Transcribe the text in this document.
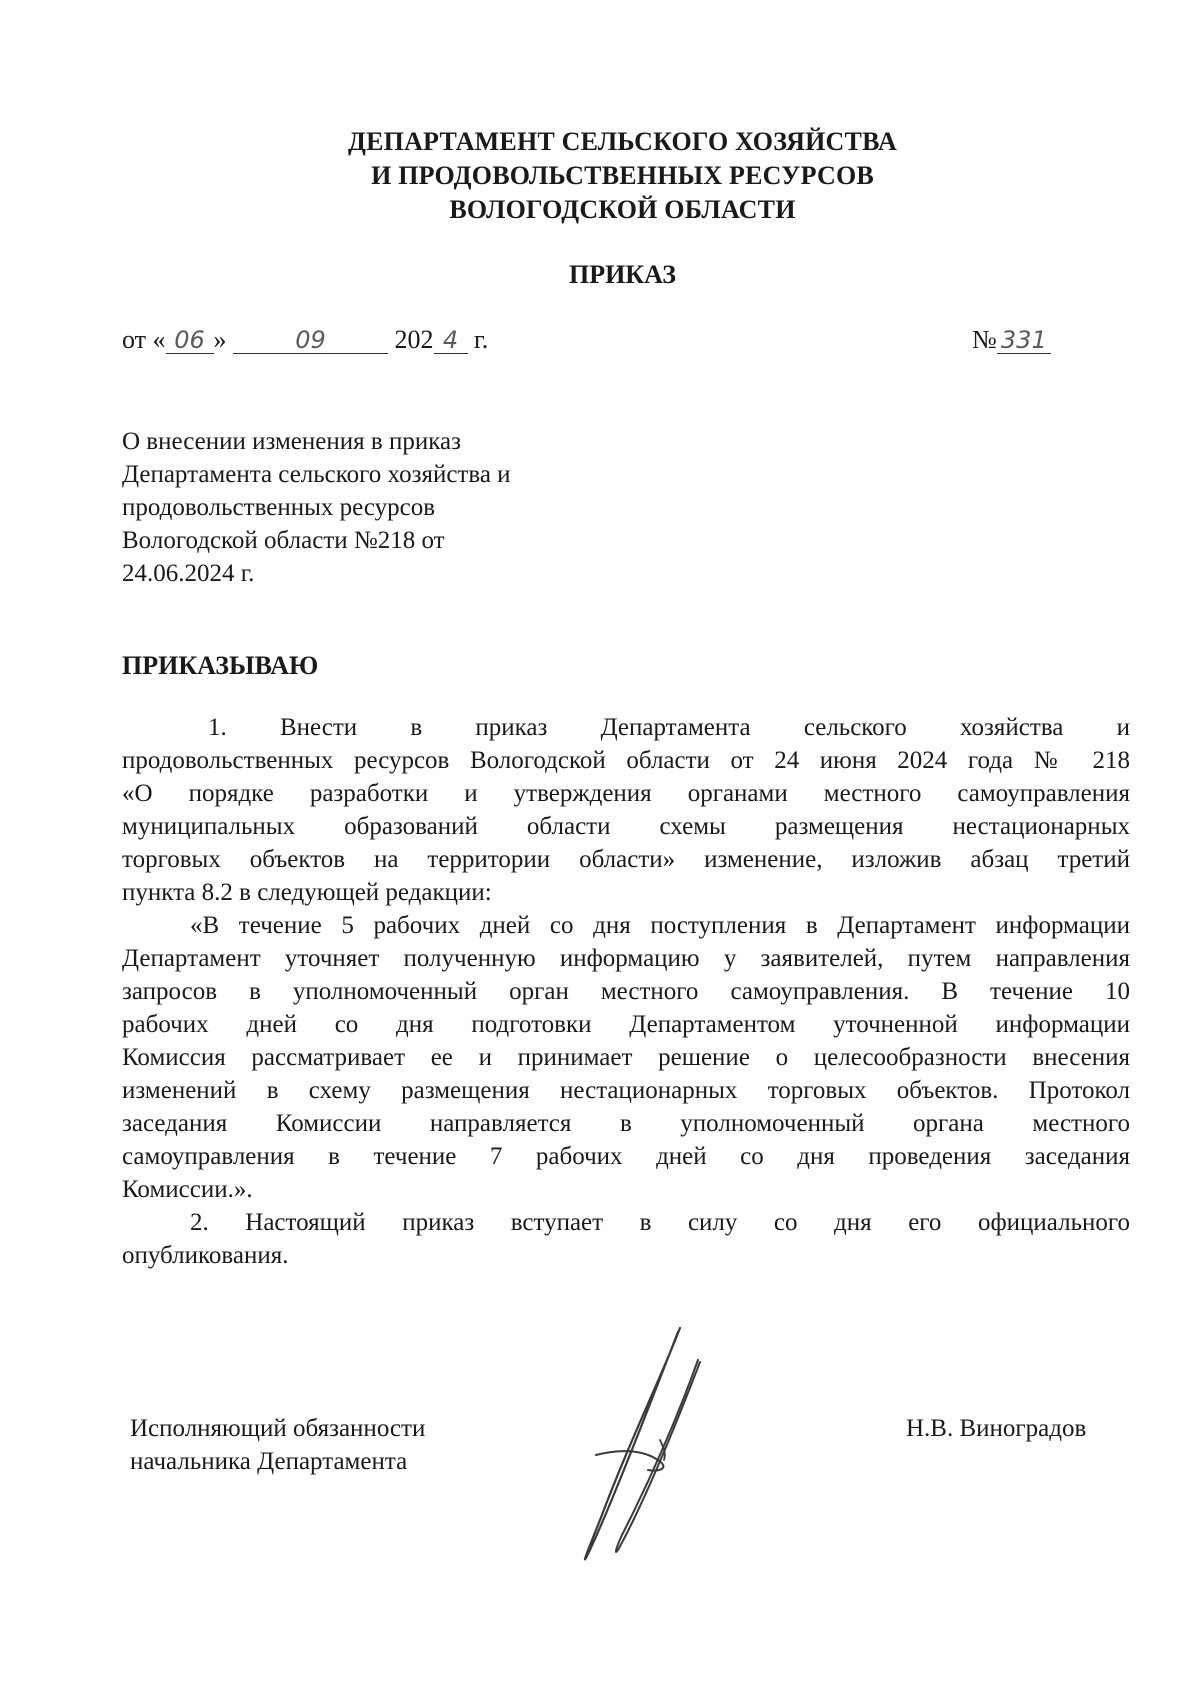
ДЕПАРТАМЕНТ СЕЛЬСКОГО ХОЗЯЙСТВА
И ПРОДОВОЛЬСТВЕННЫХ РЕСУРСОВ
ВОЛОГОДСКОЙ ОБЛАСТИ
ПРИКАЗ
от « 06 »	09	202 4 г.	№ 331
О внесении изменения в приказ
Департамента сельского хозяйства и
продовольственных ресурсов
Вологодской области №218 от
24.06.2024 г.
ПРИКАЗЫВАЮ
1. Внести в приказ Департамента сельского хозяйства и
продовольственных ресурсов Вологодской области от 24 июня 2024 года № 218
«О порядке разработки и утверждения органами местного самоуправления
муниципальных образований области схемы размещения нестационарных
торговых объектов на территории области» изменение, изложив абзац третий
пункта 8.2 в следующей редакции:
«В течение 5 рабочих дней со дня поступления в Департамент информации
Департамент уточняет полученную информацию у заявителей, путем направления
запросов в уполномоченный орган местного самоуправления. В течение 10
рабочих дней со дня подготовки Департаментом уточненной информации
Комиссия рассматривает ее и принимает решение о целесообразности внесения
изменений в схему размещения нестационарных торговых объектов. Протокол
заседания Комиссии направляется в уполномоченный органа местного
самоуправления в течение 7 рабочих дней со дня проведения заседания
Комиссии.».
2. Настоящий приказ вступает в силу со дня его официального
опубликования.
Исполняющий обязанности
начальника Департамента
Н.В. Виноградов
